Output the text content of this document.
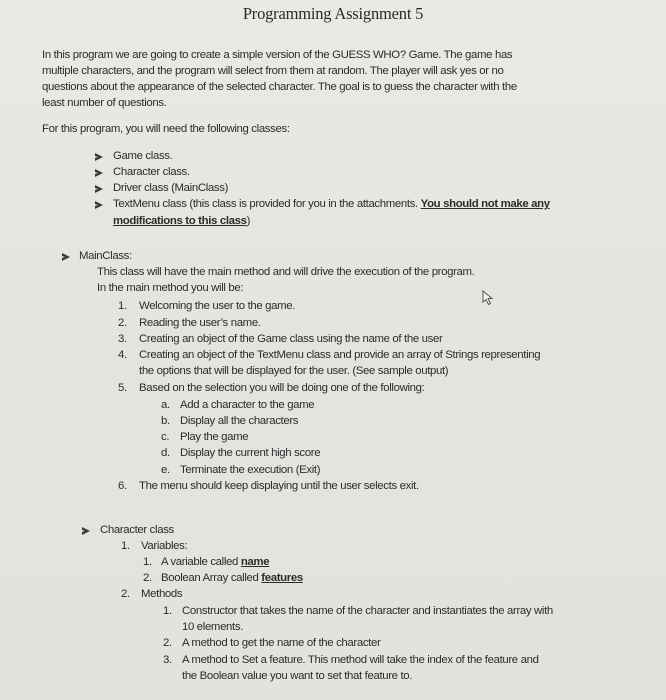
Programming Assignment 5
In this program we are going to create a simple version of the GUESS WHO? Game. The game has
multiple characters, and the program will select from them at random. The player will ask yes or no
questions about the appearance of the selected character. The goal is to guess the character with the
least number of questions.
For this program, you will need the following classes:
Game class.
Character class.
Driver class (MainClass)
TextMenu class (this class is provided for you in the attachments. You should not make any
modifications to this class)
MainClass:
This class will have the main method and will drive the execution of the program.
In the main method you will be:
1. Welcoming the user to the game.
2. Reading the user’s name.
3. Creating an object of the Game class using the name of the user
4. Creating an object of the TextMenu class and provide an array of Strings representing
the options that will be displayed for the user. (See sample output)
5. Based on the selection you will be doing one of the following:
a. Add a character to the game
b. Display all the characters
c. Play the game
d. Display the current high score
e. Terminate the execution (Exit)
6. The menu should keep displaying until the user selects exit.
Character class
1. Variables:
1. A variable called name
2. Boolean Array called features
2. Methods
1. Constructor that takes the name of the character and instantiates the array with
10 elements.
2. A method to get the name of the character
3. A method to Set a feature. This method will take the index of the feature and
the Boolean value you want to set that feature to.
